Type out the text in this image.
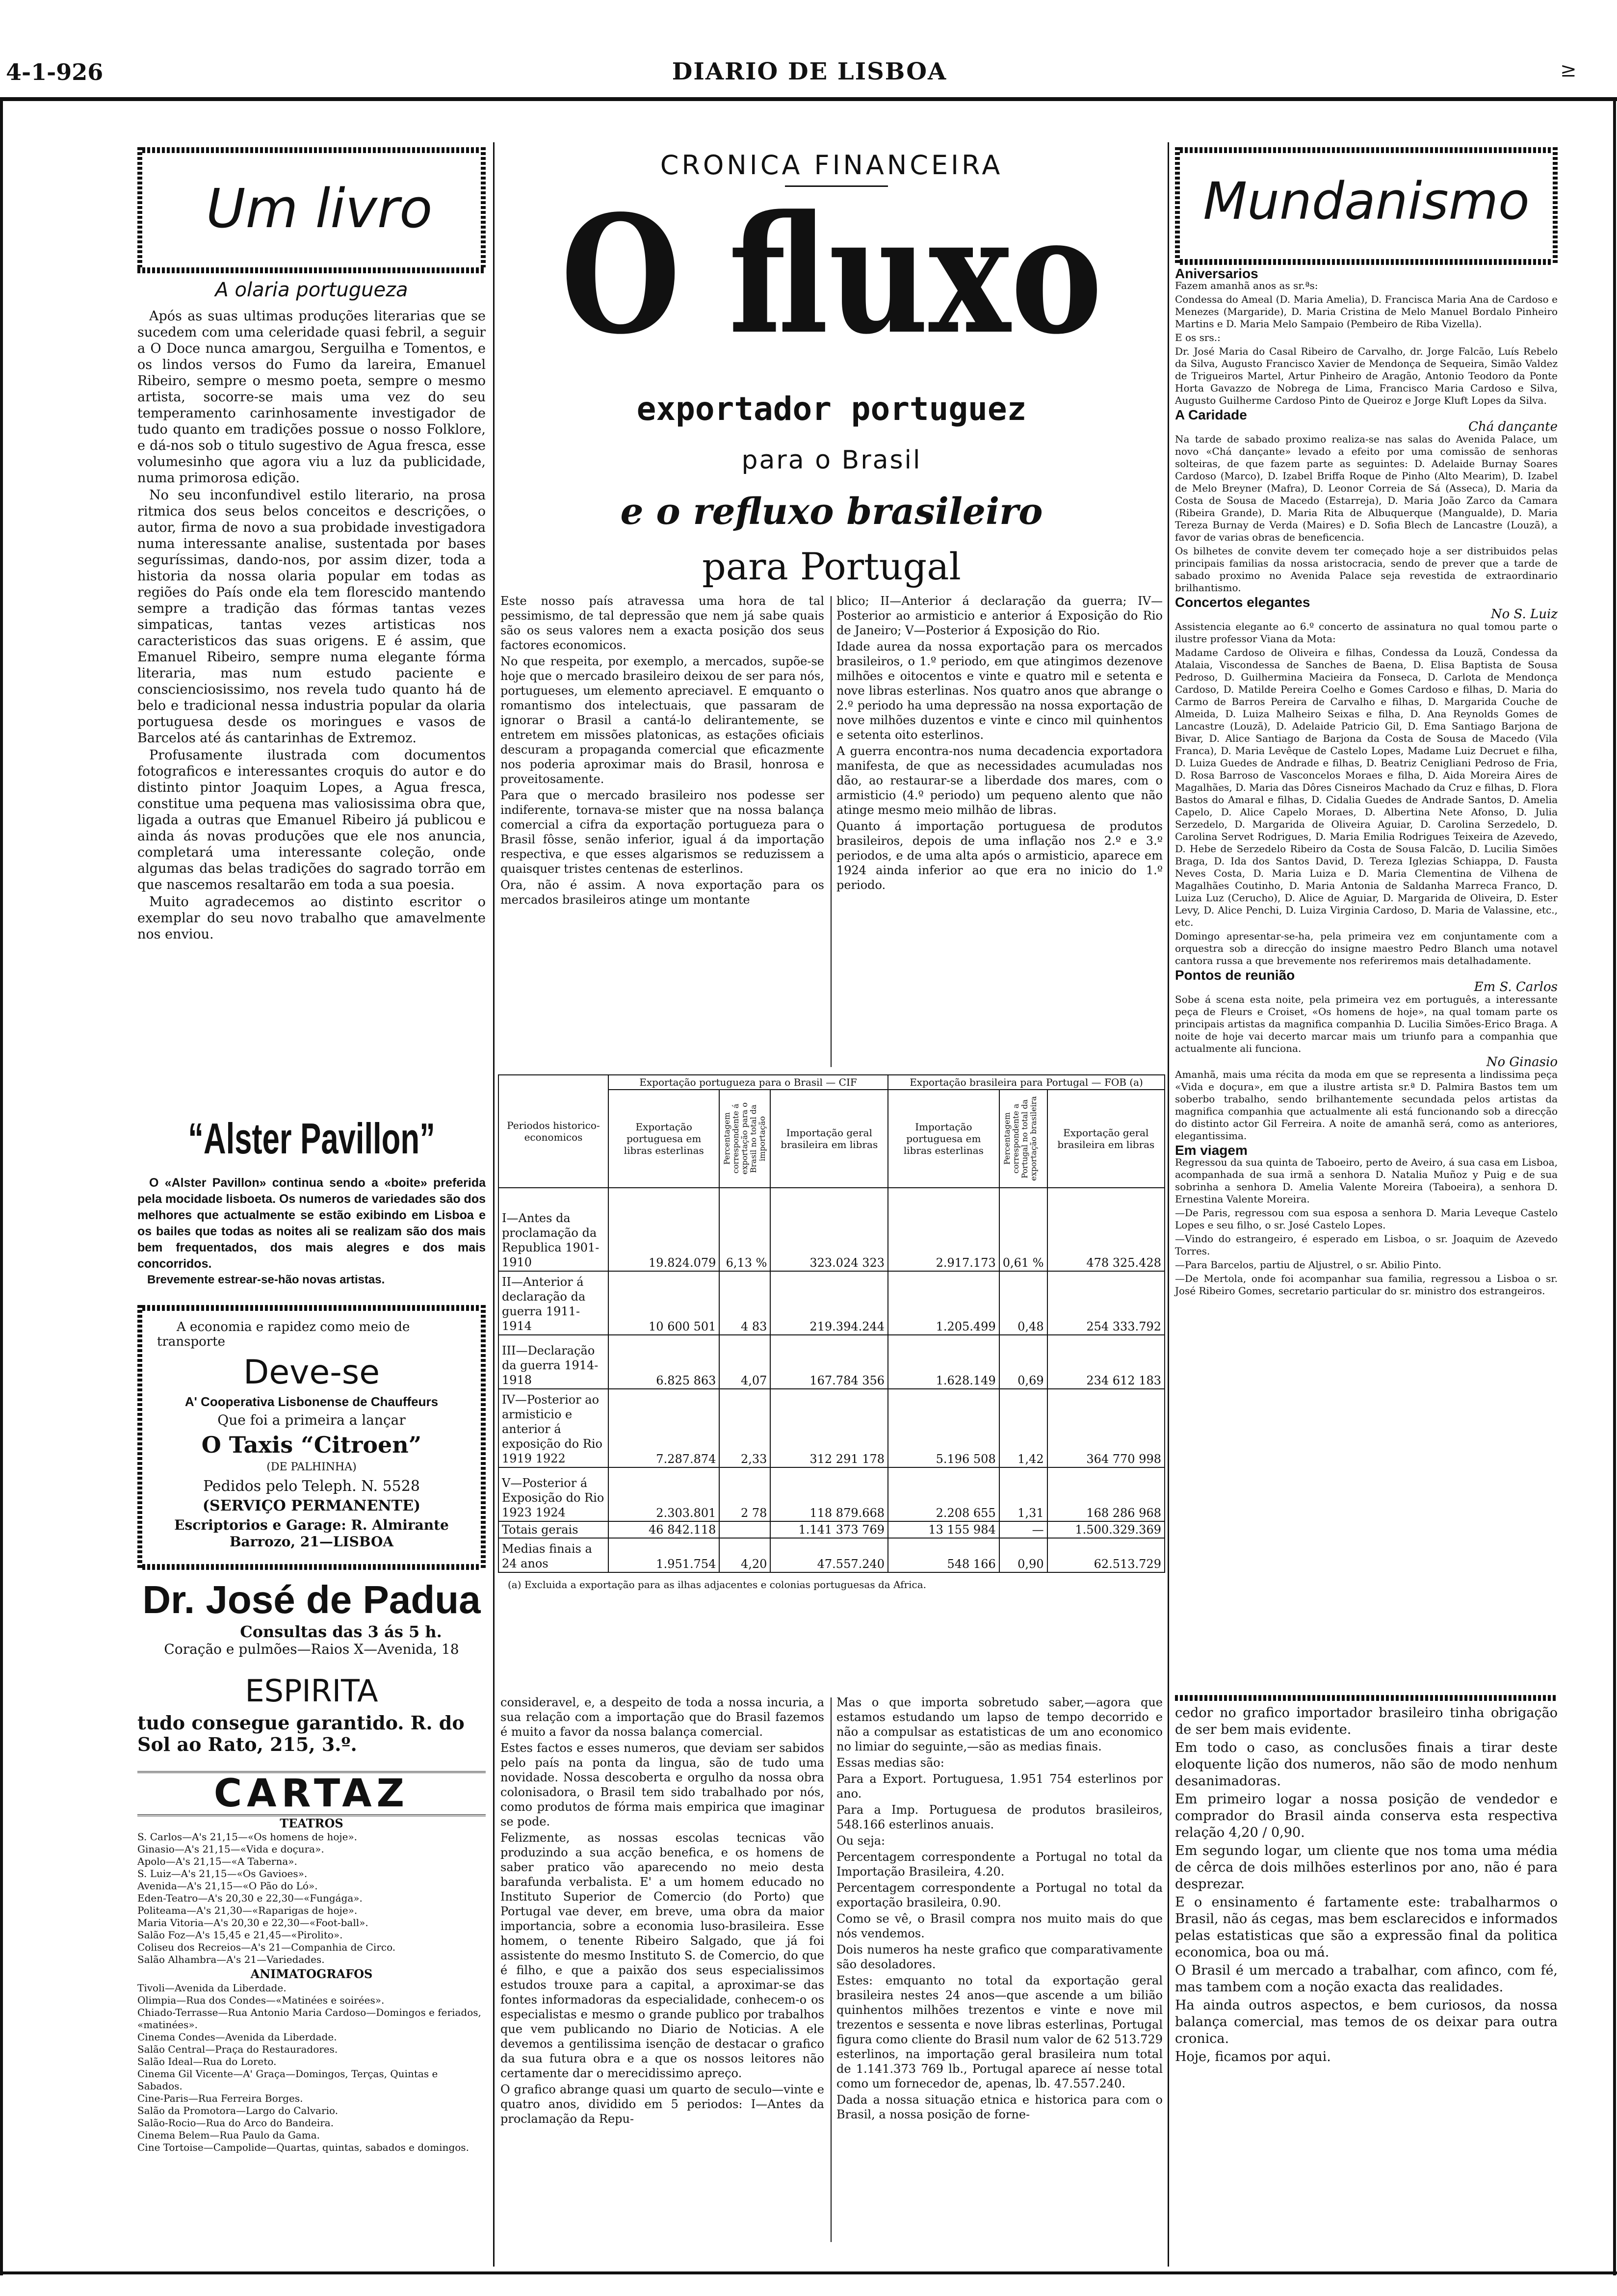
4-1-926	DIARIO DE LISBOA	≥
Um livro
A olaria portugueza

Após as suas ultimas produções literarias que se sucedem com uma celeridade quasi febril, a seguir a O Doce nunca amargou, Serguilha e Tomentos, e os lindos versos do Fumo da lareira, Emanuel Ribeiro, sempre o mesmo poeta, sempre o mesmo artista, socorre-se mais uma vez do seu temperamento carinhosamente investigador de tudo quanto em tradições possue o nosso Folklore, e dá-nos sob o titulo sugestivo de Agua fresca, esse volumesinho que agora viu a luz da publicidade, numa primorosa edição.

No seu inconfundivel estilo literario, na prosa ritmica dos seus belos conceitos e descrições, o autor, firma de novo a sua probidade investigadora numa interessante analise, sustentada por bases seguríssimas, dando-nos, por assim dizer, toda a historia da nossa olaria popular em todas as regiões do País onde ela tem florescido mantendo sempre a tradição das fórmas tantas vezes simpaticas, tantas vezes artisticas nos caracteristicos das suas origens. E é assim, que Emanuel Ribeiro, sempre numa elegante fórma literaria, mas num estudo paciente e conscienciosissimo, nos revela tudo quanto há de belo e tradicional nessa industria popular da olaria portuguesa desde os moringues e vasos de Barcelos até ás cantarinhas de Extremoz.

Profusamente ilustrada com documentos fotograficos e interessantes croquis do autor e do distinto pintor Joaquim Lopes, a Agua fresca, constitue uma pequena mas valiosissima obra que, ligada a outras que Emanuel Ribeiro já publicou e ainda ás novas produções que ele nos anuncia, completará uma interessante coleção, onde algumas das belas tradições do sagrado torrão em que nascemos resaltarão em toda a sua poesia.

Muito agradecemos ao distinto escritor o exemplar do seu novo trabalho que amavelmente nos enviou.

“Alster Pavillon”
O «Alster Pavillon» continua sendo a «boite» preferida pela mocidade lisboeta. Os numeros de variedades são dos melhores que actualmente se estão exibindo em Lisboa e os bailes que todas as noites ali se realizam são dos mais bem frequentados, dos mais alegres e dos mais concorridos.
Brevemente estrear-se-hão novas artistas.
A economia e rapidez como meio de transporte
Deve-se
A' Cooperativa Lisbonense de Chauffeurs
Que foi a primeira a lançar
O Taxis “Citroen”
(DE PALHINHA)
Pedidos pelo Teleph. N. 5528
(SERVIÇO PERMANENTE)
Escriptorios e Garage: R. Almirante Barrozo, 21—LISBOA
Dr. José de Padua
Consultas das 3 ás 5 h.
Coração e pulmões—Raios X—Avenida, 18
ESPIRITA
tudo consegue garantido. R. do Sol ao Rato, 215, 3.º.
CARTAZ
TEATROS
S. Carlos—A's 21,15—«Os homens de hoje».
Ginasio—A's 21,15—«Vida e doçura».
Apolo—A's 21,15—«A Taberna».
S. Luiz—A's 21,15—«Os Gavioes».
Avenida—A's 21,15—«O Pão do Ló».
Eden-Teatro—A's 20,30 e 22,30—«Fungága».
Politeama—A's 21,30—«Raparigas de hoje».
Maria Vitoria—A's 20,30 e 22,30—«Foot-ball».
Salão Foz—A's 15,45 e 21,45—«Pirolito».
Coliseu dos Recreios—A's 21—Companhia de Circo.
Salão Alhambra—A's 21—Variedades.
ANIMATOGRAFOS
Tivoli—Avenida da Liberdade.
Olimpia—Rua dos Condes—«Matinées e soirées».
Chiado-Terrasse—Rua Antonio Maria Cardoso—Domingos e feriados, «matinées».
Cinema Condes—Avenida da Liberdade.
Salão Central—Praça do Restauradores.
Salão Ideal—Rua do Loreto.
Cinema Gil Vicente—A' Graça—Domingos, Terças, Quintas e Sabados.
Cine-Paris—Rua Ferreira Borges.
Salão da Promotora—Largo do Calvario.
Salão-Rocio—Rua do Arco do Bandeira.
Cinema Belem—Rua Paulo da Gama.
Cine Tortoise—Campolide—Quartas, quintas, sabados e domingos.
CRONICA FINANCEIRA
O fluxo
exportador portuguez
para o Brasil
e o refluxo brasileiro
para Portugal

Este nosso país atravessa uma hora de tal pessimismo, de tal depressão que nem já sabe quais são os seus valores nem a exacta posição dos seus factores economicos.

No que respeita, por exemplo, a mercados, supõe-se hoje que o mercado brasileiro deixou de ser para nós, portugueses, um elemento apreciavel. E emquanto o romantismo dos intelectuais, que passaram de ignorar o Brasil a cantá-lo delirantemente, se entretem em missões platonicas, as estações oficiais descuram a propaganda comercial que eficazmente nos poderia aproximar mais do Brasil, honrosa e proveitosamente.

Para que o mercado brasileiro nos podesse ser indiferente, tornava-se mister que na nossa balança comercial a cifra da exportação portugueza para o Brasil fôsse, senão inferior, igual á da importação respectiva, e que esses algarismos se reduzissem a quaisquer tristes centenas de esterlinos.

Ora, não é assim. A nova exportação para os mercados brasileiros atinge um montante

blico; II—Anterior á declaração da guerra; IV—Posterior ao armisticio e anterior á Exposição do Rio de Janeiro; V—Posterior á Exposição do Rio.

Idade aurea da nossa exportação para os mercados brasileiros, o 1.º periodo, em que atingimos dezenove milhões e oitocentos e vinte e quatro mil e setenta e nove libras esterlinas. Nos quatro anos que abrange o 2.º periodo ha uma depressão na nossa exportação de nove milhões duzentos e vinte e cinco mil quinhentos e setenta oito esterlinos.

A guerra encontra-nos numa decadencia exportadora manifesta, de que as necessidades acumuladas nos dão, ao restaurar-se a liberdade dos mares, com o armisticio (4.º periodo) um pequeno alento que não atinge mesmo meio milhão de libras.

Quanto á importação portuguesa de produtos brasileiros, depois de uma inflação nos 2.º e 3.º periodos, e de uma alta após o armisticio, aparece em 1924 ainda inferior ao que era no inicio do 1.º periodo.

Periodos historico-economicos	Exportação portugueza para o Brasil — CIF			Exportação brasileira para Portugal — FOB (a)		
	Exportação portuguesa em libras esterlinas	Percentagem correspondente á exportação para o Brasil no total da importação	Importação geral brasileira em libras	Importação portuguesa em libras esterlinas	Percentagem correspondente a Portugal no total da exportação brasileira	Exportação geral brasileira em libras
I—Antes da proclamação da Republica 1901-1910	19.824.079	6,13 %	323.024 323	2.917.173	0,61 %	478 325.428
II—Anterior á declaração da guerra 1911-1914	10 600 501	4 83	219.394.244	1.205.499	0,48	254 333.792
III—Declaração da guerra 1914-1918	6.825 863	4,07	167.784 356	1.628.149	0,69	234 612 183
IV—Posterior ao armisticio e anterior á exposição do Rio 1919 1922	7.287.874	2,33	312 291 178	5.196 508	1,42	364 770 998
V—Posterior á Exposição do Rio 1923 1924	2.303.801	2 78	118 879.668	2.208 655	1,31	168 286 968
Totais gerais	46 842.118		1.141 373 769	13 155 984	—	1.500.329.369
Medias finais a 24 anos	1.951.754	4,20	47.557.240	548 166	0,90	62.513.729
(a) Excluida a exportação para as ilhas adjacentes e colonias portuguesas da Africa.

consideravel, e, a despeito de toda a nossa incuria, a sua relação com a importação que do Brasil fazemos é muito a favor da nossa balança comercial.

Estes factos e esses numeros, que deviam ser sabidos pelo país na ponta da lingua, são de tudo uma novidade. Nossa descoberta e orgulho da nossa obra colonisadora, o Brasil tem sido trabalhado por nós, como produtos de fórma mais empirica que imaginar se pode.

Felizmente, as nossas escolas tecnicas vão produzindo a sua acção benefica, e os homens de saber pratico vão aparecendo no meio desta barafunda verbalista. E' a um homem educado no Instituto Superior de Comercio (do Porto) que Portugal vae dever, em breve, uma obra da maior importancia, sobre a economia luso-brasileira. Esse homem, o tenente Ribeiro Salgado, que já foi assistente do mesmo Instituto S. de Comercio, do que é filho, e que a paixão dos seus especialissimos estudos trouxe para a capital, a aproximar-se das fontes informadoras da especialidade, conhecem-o os especialistas e mesmo o grande publico por trabalhos que vem publicando no Diario de Noticias. A ele devemos a gentilissima isenção de destacar o grafico da sua futura obra e a que os nossos leitores não certamente dar o merecidissimo apreço.

O grafico abrange quasi um quarto de seculo—vinte e quatro anos, dividido em 5 periodos: I—Antes da proclamação da Repu-

Mas o que importa sobretudo saber,—agora que estamos estudando um lapso de tempo decorrido e não a compulsar as estatisticas de um ano economico no limiar do seguinte,—são as medias finais.

Essas medias são:

Para a Export. Portuguesa, 1.951 754 esterlinos por ano.

Para a Imp. Portuguesa de produtos brasileiros, 548.166 esterlinos anuais.

Ou seja:

Percentagem correspondente a Portugal no total da Importação Brasileira, 4.20.

Percentagem correspondente a Portugal no total da exportação brasileira, 0.90.

Como se vê, o Brasil compra nos muito mais do que nós vendemos.

Dois numeros ha neste grafico que comparativamente são desoladores.

Estes: emquanto no total da exportação geral brasileira nestes 24 anos—que ascende a um bilião quinhentos milhões trezentos e vinte e nove mil trezentos e sessenta e nove libras esterlinas, Portugal figura como cliente do Brasil num valor de 62 513.729 esterlinos, na importação geral brasileira num total de 1.141.373 769 lb., Portugal aparece aí nesse total como um fornecedor de, apenas, lb. 47.557.240.

Dada a nossa situação etnica e historica para com o Brasil, a nossa posição de forne-

Mundanismo
Aniversarios

Fazem amanhã anos as sr.ªs:

Condessa do Ameal (D. Maria Amelia), D. Francisca Maria Ana de Cardoso e Menezes (Margaride), D. Maria Cristina de Melo Manuel Bordalo Pinheiro Martins e D. Maria Melo Sampaio (Pembeiro de Riba Vizella).

E os srs.:

Dr. José Maria do Casal Ribeiro de Carvalho, dr. Jorge Falcão, Luís Rebelo da Silva, Augusto Francisco Xavier de Mendonça de Sequeira, Simão Valdez de Trigueiros Martel, Artur Pinheiro de Aragão, Antonio Teodoro da Ponte Horta Gavazzo de Nobrega de Lima, Francisco Maria Cardoso e Silva, Augusto Guilherme Cardoso Pinto de Queiroz e Jorge Kluft Lopes da Silva.

A Caridade
Chá dançante

Na tarde de sabado proximo realiza-se nas salas do Avenida Palace, um novo «Chá dançante» levado a efeito por uma comissão de senhoras solteiras, de que fazem parte as seguintes: D. Adelaide Burnay Soares Cardoso (Marco), D. Izabel Briffa Roque de Pinho (Alto Mearim), D. Izabel de Melo Breyner (Mafra), D. Leonor Correia de Sá (Asseca), D. Maria da Costa de Sousa de Macedo (Estarreja), D. Maria João Zarco da Camara (Ribeira Grande), D. Maria Rita de Albuquerque (Mangualde), D. Maria Tereza Burnay de Verda (Maires) e D. Sofia Blech de Lancastre (Louzã), a favor de varias obras de beneficencia.

Os bilhetes de convite devem ter começado hoje a ser distribuidos pelas principais familias da nossa aristocracia, sendo de prever que a tarde de sabado proximo no Avenida Palace seja revestida de extraordinario brilhantismo.

Concertos elegantes
No S. Luiz

Assistencia elegante ao 6.º concerto de assinatura no qual tomou parte o ilustre professor Viana da Mota:

Madame Cardoso de Oliveira e filhas, Condessa da Louzã, Condessa da Atalaia, Viscondessa de Sanches de Baena, D. Elisa Baptista de Sousa Pedroso, D. Guilhermina Macieira da Fonseca, D. Carlota de Mendonça Cardoso, D. Matilde Pereira Coelho e Gomes Cardoso e filhas, D. Maria do Carmo de Barros Pereira de Carvalho e filhas, D. Margarida Couche de Almeida, D. Luiza Malheiro Seixas e filha, D. Ana Reynolds Gomes de Lancastre (Louzã), D. Adelaide Patricio Gil, D. Ema Santiago Barjona de Bivar, D. Alice Santiago de Barjona da Costa de Sousa de Macedo (Vila Franca), D. Maria Levêque de Castelo Lopes, Madame Luiz Decruet e filha, D. Luiza Guedes de Andrade e filhas, D. Beatriz Cenigliani Pedroso de Fria, D. Rosa Barroso de Vasconcelos Moraes e filha, D. Aida Moreira Aires de Magalhães, D. Maria das Dôres Cisneiros Machado da Cruz e filhas, D. Flora Bastos do Amaral e filhas, D. Cidalia Guedes de Andrade Santos, D. Amelia Capelo, D. Alice Capelo Moraes, D. Albertina Nete Afonso, D. Julia Serzedelo, D. Margarida de Oliveira Aguiar, D. Carolina Serzedelo, D. Carolina Servet Rodrigues, D. Maria Emilia Rodrigues Teixeira de Azevedo, D. Hebe de Serzedelo Ribeiro da Costa de Sousa Falcão, D. Lucilia Simões Braga, D. Ida dos Santos David, D. Tereza Iglezias Schiappa, D. Fausta Neves Costa, D. Maria Luiza e D. Maria Clementina de Vilhena de Magalhães Coutinho, D. Maria Antonia de Saldanha Marreca Franco, D. Luiza Luz (Cerucho), D. Alice de Aguiar, D. Margarida de Oliveira, D. Ester Levy, D. Alice Penchi, D. Luiza Virginia Cardoso, D. Maria de Valassine, etc., etc.

Domingo apresentar-se-ha, pela primeira vez em conjuntamente com a orquestra sob a direcção do insigne maestro Pedro Blanch uma notavel cantora russa a que brevemente nos referiremos mais detalhadamente.

Pontos de reunião
Em S. Carlos

Sobe á scena esta noite, pela primeira vez em português, a interessante peça de Fleurs e Croiset, «Os homens de hoje», na qual tomam parte os principais artistas da magnifica companhia D. Lucilia Simões-Erico Braga. A noite de hoje vai decerto marcar mais um triunfo para a companhia que actualmente ali funciona.

No Ginasio

Amanhã, mais uma récita da moda em que se representa a lindissima peça «Vida e doçura», em que a ilustre artista sr.ª D. Palmira Bastos tem um soberbo trabalho, sendo brilhantemente secundada pelos artistas da magnifica companhia que actualmente ali está funcionando sob a direcção do distinto actor Gil Ferreira. A noite de amanhã será, como as anteriores, elegantissima.

Em viagem

Regressou da sua quinta de Taboeiro, perto de Aveiro, á sua casa em Lisboa, acompanhada de sua irmã a senhora D. Natalia Muñoz y Puig e de sua sobrinha a senhora D. Amelia Valente Moreira (Taboeira), a senhora D. Ernestina Valente Moreira.

—De Paris, regressou com sua esposa a senhora D. Maria Leveque Castelo Lopes e seu filho, o sr. José Castelo Lopes.

—Vindo do estrangeiro, é esperado em Lisboa, o sr. Joaquim de Azevedo Torres.

—Para Barcelos, partiu de Aljustrel, o sr. Abilio Pinto.

—De Mertola, onde foi acompanhar sua familia, regressou a Lisboa o sr. José Ribeiro Gomes, secretario particular do sr. ministro dos estrangeiros.

cedor no grafico importador brasileiro tinha obrigação de ser bem mais evidente.

Em todo o caso, as conclusões finais a tirar deste eloquente lição dos numeros, não são de modo nenhum desanimadoras.

Em primeiro logar a nossa posição de vendedor e comprador do Brasil ainda conserva esta respectiva relação 4,20 / 0,90.

Em segundo logar, um cliente que nos toma uma média de cêrca de dois milhões esterlinos por ano, não é para desprezar.

E o ensinamento é fartamente este: trabalharmos o Brasil, não ás cegas, mas bem esclarecidos e informados pelas estatisticas que são a expressão final da politica economica, boa ou má.

O Brasil é um mercado a trabalhar, com afinco, com fé, mas tambem com a noção exacta das realidades.

Ha ainda outros aspectos, e bem curiosos, da nossa balança comercial, mas temos de os deixar para outra cronica.

Hoje, ficamos por aqui.
